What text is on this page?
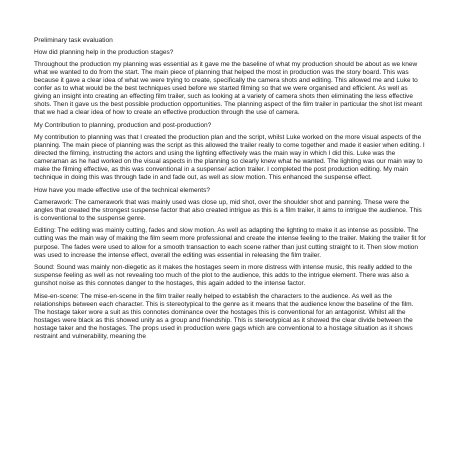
Preliminary task evaluation

How did planning help in the production stages?

Throughout the production my planning was essential as it gave me the baseline of what my production should be about as we knew what we wanted to do from the start. The main piece of planning that helped the most in production was the story board. This was because it gave a clear idea of what we were trying to create, specifically the camera shots and editing. This allowed me and Luke to confer as to what would be the best techniques used before we started filming so that we were organised and efficient. As well as giving an insight into creating an effecting film trailer, such as looking at a variety of camera shots then eliminating the less effective shots. Then it gave us the best possible production opportunities. The planning aspect of the film trailer in particular the shot list meant that we had a clear idea of how to create an effective production through the use of camera.

My Contribution to planning, production and post-production?

My contribution to planning was that I created the production plan and the script, whilst Luke worked on the more visual aspects of the planning. The main piece of planning was the script as this allowed the trailer really to come together and made it easier when editing. I directed the filming, instructing the actors and using the lighting effectively was the main way in which I did this. Luke was the cameraman as he had worked on the visual aspects in the planning so clearly knew what he wanted. The lighting was our main way to make the filming effective, as this was conventional in a suspense/ action trailer. I completed the post production editing. My main technique in doing this was through fade in and fade out, as well as slow motion. This enhanced the suspense effect.

How have you made effective use of the technical elements?

Camerawork: The camerawork that was mainly used was close up, mid shot, over the shoulder shot and panning. These were the angles that created the strongest suspense factor that also created intrigue as this is a film trailer, it aims to intrigue the audience. This is conventional to the suspense genre.

Editing: The editing was mainly cutting, fades and slow motion. As well as adapting the lighting to make it as intense as possible. The cutting was the main way of making the film seem more professional and create the intense feeling to the trailer. Making the trailer fit for purpose. The fades were used to allow for a smooth transaction to each scene rather than just cutting straight to it. Then slow motion was used to increase the intense effect, overall the editing was essential in releasing the film trailer.

Sound: Sound was mainly non-diegetic as it makes the hostages seem in more distress with intense music, this really added to the suspense feeling as well as not revealing too much of the plot to the audience, this adds to the intrigue element. There was also a gunshot noise as this connotes danger to the hostages, this again added to the intense factor.

Mise-en-scene: The mise-en-scene in the film trailer really helped to establish the characters to the audience. As well as the relationships between each character. This is stereotypical to the genre as it means that the audience know the baseline of the film. The hostage taker wore a suit as this connotes dominance over the hostages this is conventional for an antagonist. Whilst all the hostages were black as this showed unity as a group and friendship. This is stereotypical as it showed the clear divide between the hostage taker and the hostages. The props used in production were gags which are conventional to a hostage situation as it shows restraint and vulnerability, meaning the
